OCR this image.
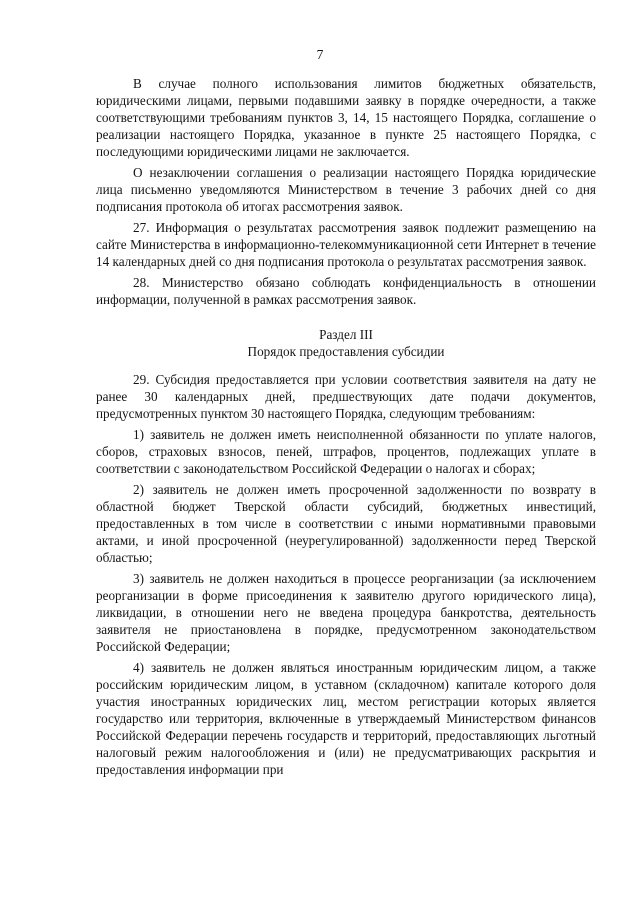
7

В случае полного использования лимитов бюджетных обязательств, юридическими лицами, первыми подавшими заявку в порядке очередности, а также соответствующими требованиям пунктов 3, 14, 15 настоящего Порядка, соглашение о реализации настоящего Порядка, указанное в пункте 25 настоящего Порядка, с последующими юридическими лицами не заключается.

О незаключении соглашения о реализации настоящего Порядка юридические лица письменно уведомляются Министерством в течение 3 рабочих дней со дня подписания протокола об итогах рассмотрения заявок.

27. Информация о результатах рассмотрения заявок подлежит размещению на сайте Министерства в информационно-телекоммуникационной сети Интернет в течение 14 календарных дней со дня подписания протокола о результатах рассмотрения заявок.

28. Министерство обязано соблюдать конфиденциальность в отношении информации, полученной в рамках рассмотрения заявок.

Раздел III

Порядок предоставления субсидии

29. Субсидия предоставляется при условии соответствия заявителя на дату не ранее 30 календарных дней, предшествующих дате подачи документов, предусмотренных пунктом 30 настоящего Порядка, следующим требованиям:

1) заявитель не должен иметь неисполненной обязанности по уплате налогов, сборов, страховых взносов, пеней, штрафов, процентов, подлежащих уплате в соответствии с законодательством Российской Федерации о налогах и сборах;

2) заявитель не должен иметь просроченной задолженности по возврату в областной бюджет Тверской области субсидий, бюджетных инвестиций, предоставленных в том числе в соответствии с иными нормативными правовыми актами, и иной просроченной (неурегулированной) задолженности перед Тверской областью;

3) заявитель не должен находиться в процессе реорганизации (за исключением реорганизации в форме присоединения к заявителю другого юридического лица), ликвидации, в отношении него не введена процедура банкротства, деятельность заявителя не приостановлена в порядке, предусмотренном законодательством Российской Федерации;

4) заявитель не должен являться иностранным юридическим лицом, а также российским юридическим лицом, в уставном (складочном) капитале которого доля участия иностранных юридических лиц, местом регистрации которых является государство или территория, включенные в утверждаемый Министерством финансов Российской Федерации перечень государств и территорий, предоставляющих льготный налоговый режим налогообложения и (или) не предусматривающих раскрытия и предоставления информации при
